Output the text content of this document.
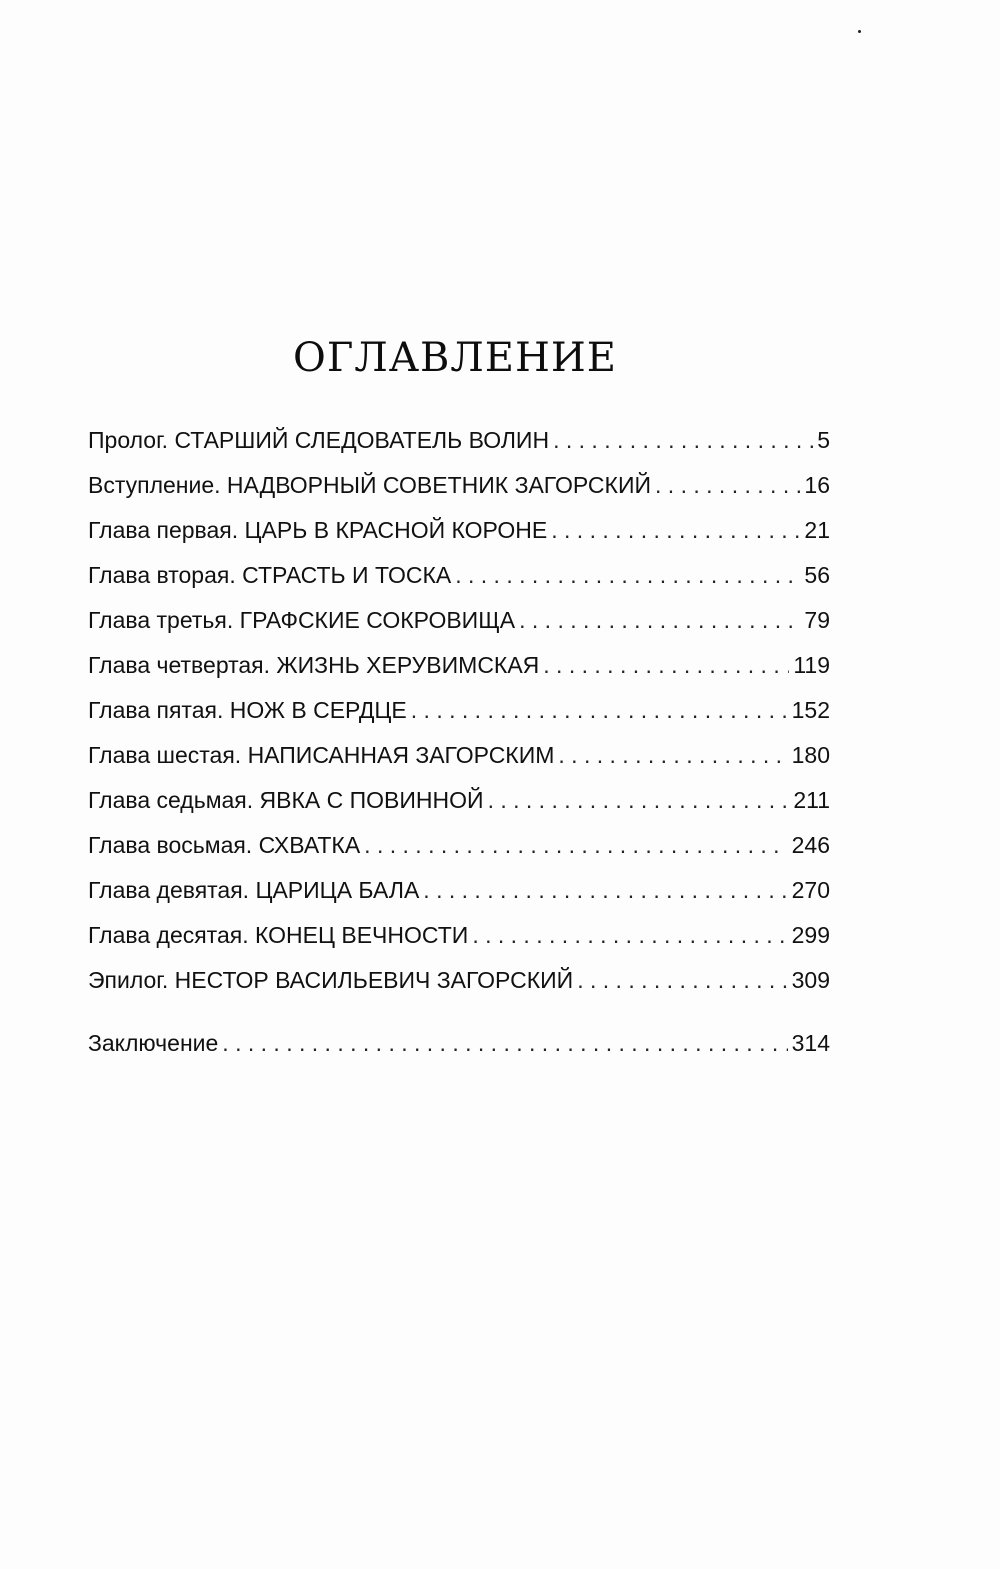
ОГЛАВЛЕНИЕ
Пролог. СТАРШИЙ СЛЕДОВАТЕЛЬ ВОЛИН . . .	5
Вступление. НАДВОРНЫЙ СОВЕТНИК ЗАГОРСКИЙ . . .	16
Глава первая. ЦАРЬ В КРАСНОЙ КОРОНЕ . . .	21
Глава вторая. СТРАСТЬ И ТОСКА . . .	56
Глава третья. ГРАФСКИЕ СОКРОВИЩА . . .	79
Глава четвертая. ЖИЗНЬ ХЕРУВИМСКАЯ . . .	119
Глава пятая. НОЖ В СЕРДЦЕ . . .	152
Глава шестая. НАПИСАННАЯ ЗАГОРСКИМ . . .	180
Глава седьмая. ЯВКА С ПОВИННОЙ . . .	211
Глава восьмая. СХВАТКА . . .	246
Глава девятая. ЦАРИЦА БАЛА . . .	270
Глава десятая. КОНЕЦ ВЕЧНОСТИ . . .	299
Эпилог. НЕСТОР ВАСИЛЬЕВИЧ ЗАГОРСКИЙ . . .	309
Заключение . . .	314
